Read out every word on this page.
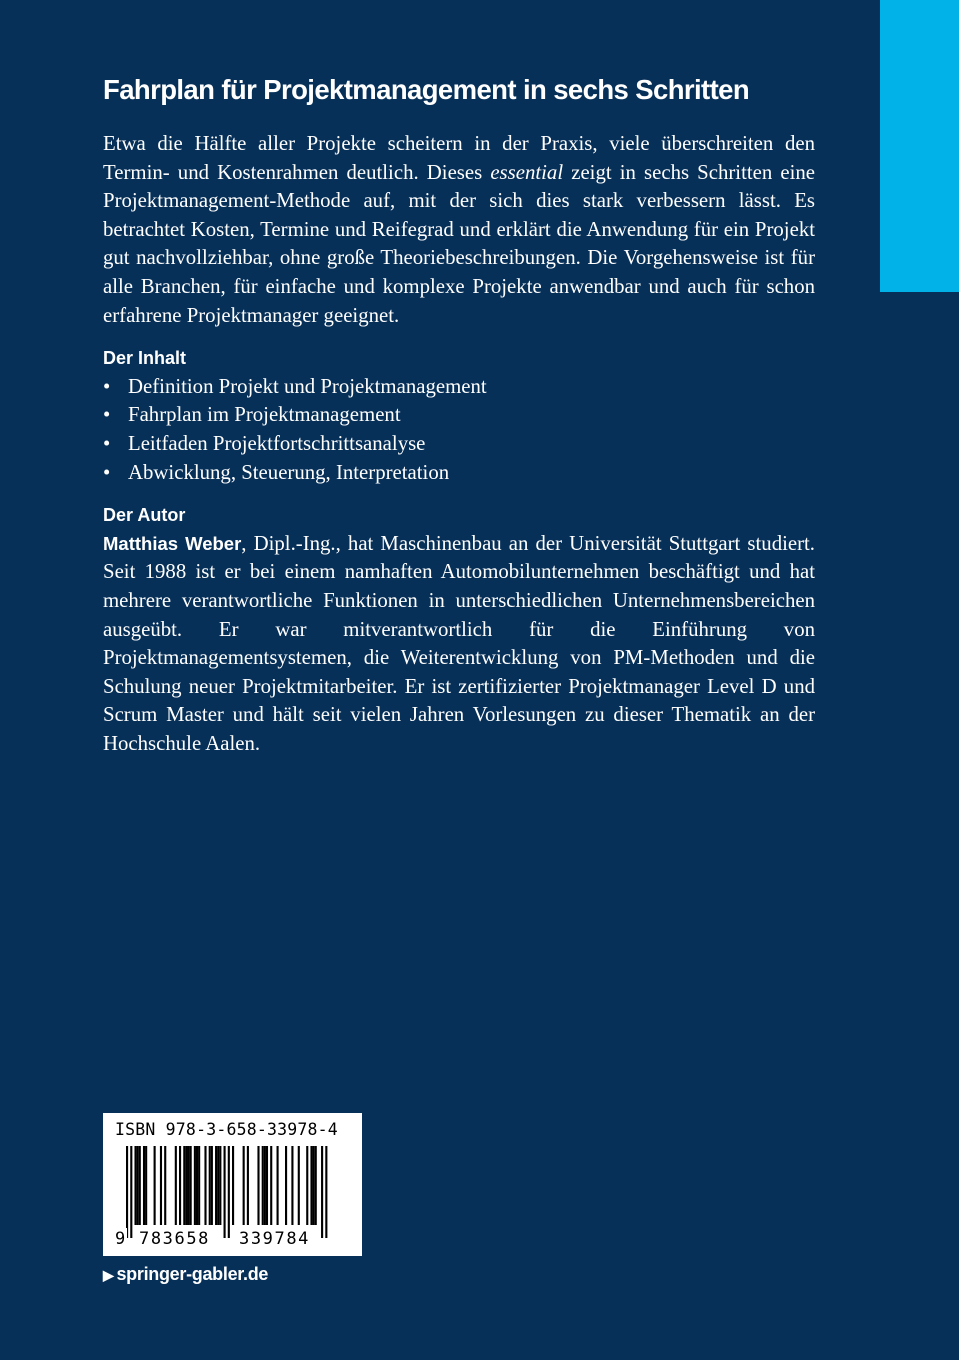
Fahrplan für Projektmanagement in sechs Schritten

Etwa die Hälfte aller Projekte scheitern in der Praxis, viele überschreiten den Termin- und Kostenrahmen deutlich. Dieses essential zeigt in sechs Schritten eine Projektmanagement-Methode auf, mit der sich dies stark verbessern lässt. Es betrachtet Kosten, Termine und Reifegrad und erklärt die Anwendung für ein Projekt gut nachvollziehbar, ohne große Theoriebeschreibungen. Die Vorgehensweise ist für alle Branchen, für einfache und komplexe Projekte anwendbar und auch für schon erfahrene Projektmanager geeignet.

Der Inhalt
• Definition Projekt und Projektmanagement
• Fahrplan im Projektmanagement
• Leitfaden Projektfortschrittsanalyse
• Abwicklung, Steuerung, Interpretation
Der Autor

Matthias Weber, Dipl.-Ing., hat Maschinenbau an der Universität Stuttgart studiert. Seit 1988 ist er bei einem namhaften Automobilunternehmen beschäftigt und hat mehrere verantwortliche Funktionen in unterschiedlichen Unternehmensbereichen ausgeübt. Er war mitverantwortlich für die Einführung von Projektmanagementsystemen, die Weiterentwicklung von PM-Methoden und die Schulung neuer Projektmitarbeiter. Er ist zertifizierter Projektmanager Level D und Scrum Master und hält seit vielen Jahren Vorlesungen zu dieser Thematik an der Hochschule Aalen.

ISBN 978-3-658-33978-4
9 783658 339784
▶ springer-gabler.de
